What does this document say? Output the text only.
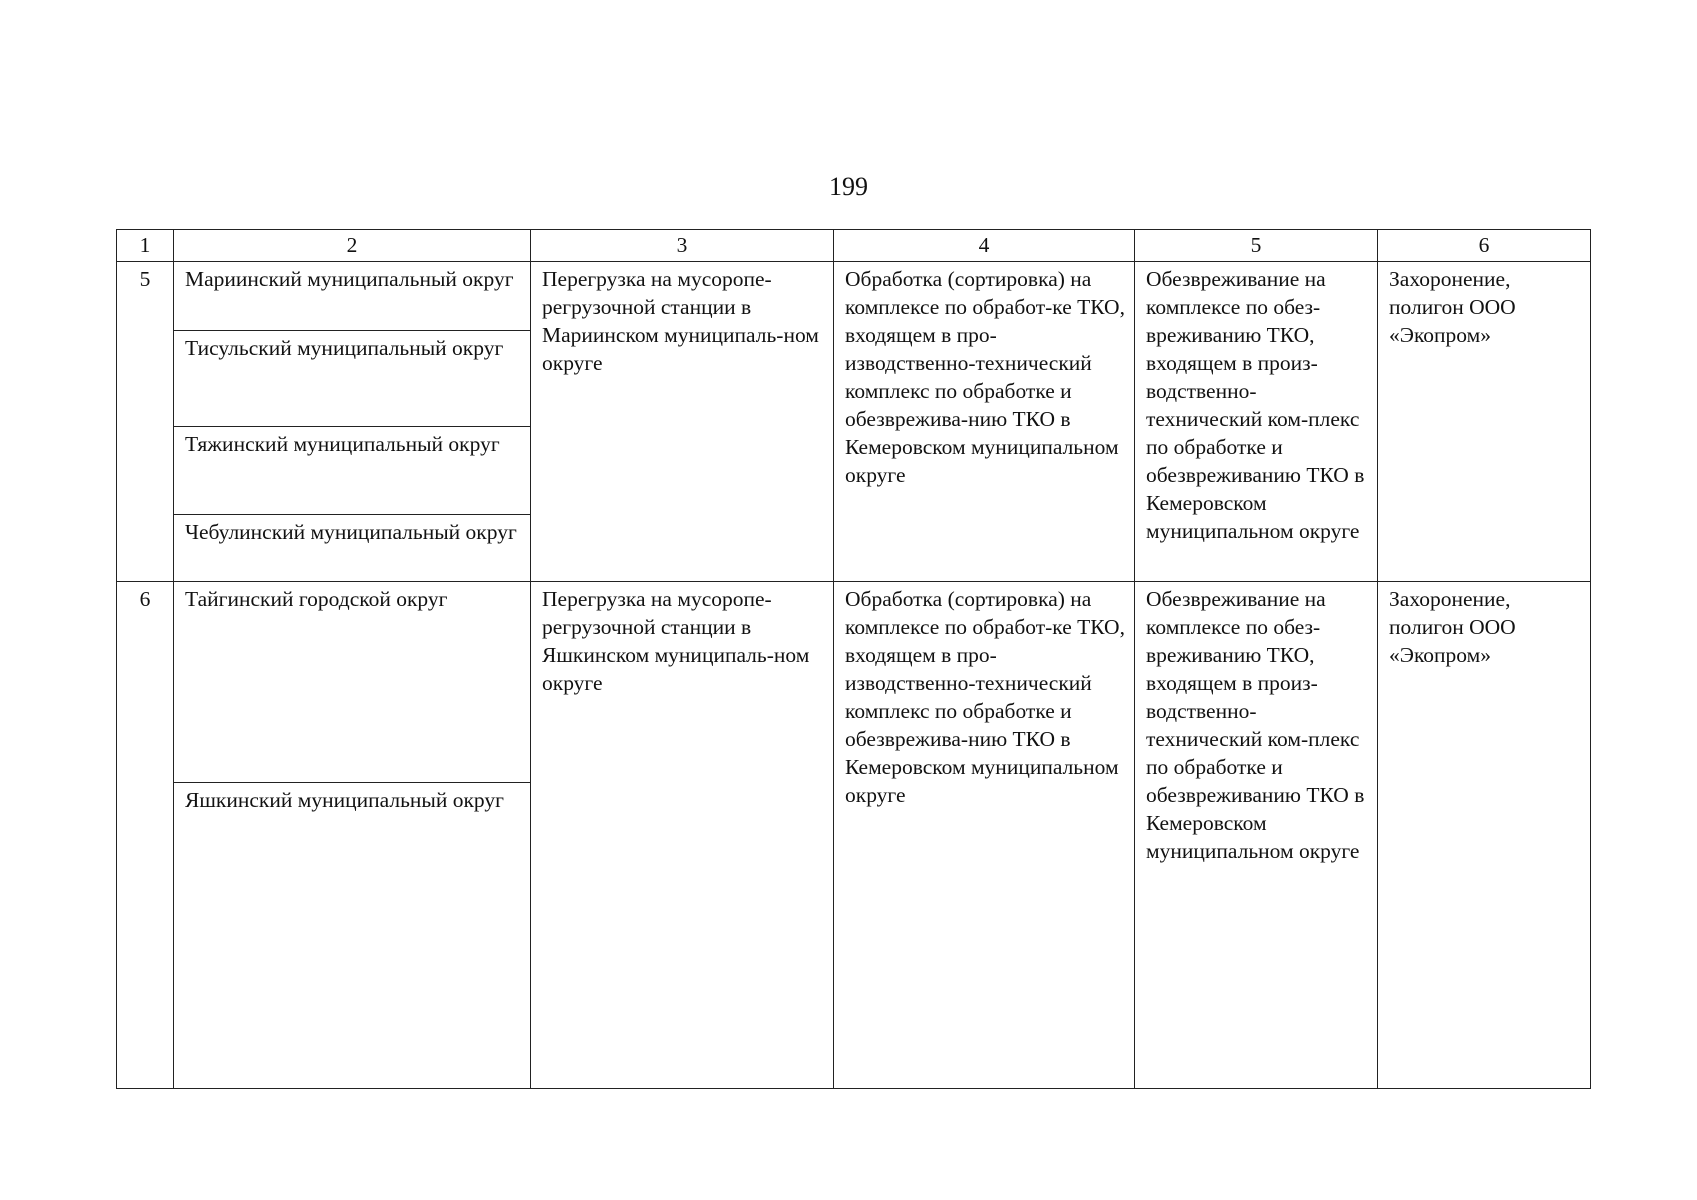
199
1	2	3	4	5	6
5	Мариинский муниципальный округ	Перегрузка на мусоропе-регрузочной станции в Мариинском муниципаль-ном округе	Обработка (сортировка) на комплексе по обработ-ке ТКО, входящем в про-изводственно-технический комплекс по обработке и обезврежива-нию ТКО в Кемеровском муниципальном округе	Обезвреживание на комплексе по обез-вреживанию ТКО, входящем в произ-водственно-технический ком-плекс по обработке и обезвреживанию ТКО в Кемеровском муниципальном округе	Захоронение, полигон ООО «Экопром»
	Тисульский муниципальный округ				
	Тяжинский муниципальный округ				
	Чебулинский муниципальный округ				
6	Тайгинский городской округ	Перегрузка на мусоропе-регрузочной станции в Яшкинском муниципаль-ном округе	Обработка (сортировка) на комплексе по обработ-ке ТКО, входящем в про-изводственно-технический комплекс по обработке и обезврежива-нию ТКО в Кемеровском муниципальном округе	Обезвреживание на комплексе по обез-вреживанию ТКО, входящем в произ-водственно-технический ком-плекс по обработке и обезвреживанию ТКО в Кемеровском муниципальном округе	Захоронение, полигон ООО «Экопром»
	Яшкинский муниципальный округ				
